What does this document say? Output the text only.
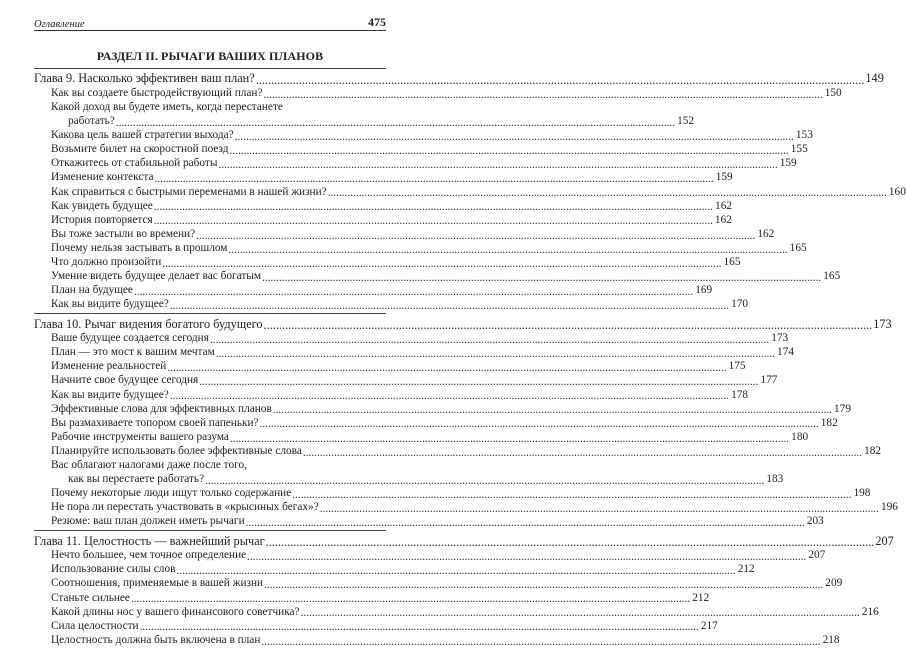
Оглавление	475
РАЗДЕЛ II. РЫЧАГИ ВАШИХ ПЛАНОВ
Глава 9. Насколько эффективен ваш план? .....	149
Как вы создаете быстродействующий план? .....	150
Какой доход вы будете иметь, когда перестанете
работать? .....	152
Какова цель вашей стратегии выхода? .....	153
Возьмите билет на скоростной поезд .....	155
Откажитесь от стабильной работы .....	159
Изменение контекста .....	159
Как справиться с быстрыми переменами в нашей жизни? .....	160
Как увидеть будущее .....	162
История повторяется .....	162
Вы тоже застыли во времени? .....	162
Почему нельзя застывать в прошлом .....	165
Что должно произойти .....	165
Умение видеть будущее делает вас богатым .....	165
План на будущее .....	169
Как вы видите будущее? .....	170
Глава 10. Рычаг видения богатого будущего .....	173
Ваше будущее создается сегодня .....	173
План — это мост к вашим мечтам .....	174
Изменение реальностей .....	175
Начните свое будущее сегодня .....	177
Как вы видите будущее? .....	178
Эффективные слова для эффективных планов .....	179
Вы размахиваете топором своей папеньки? .....	182
Рабочие инструменты вашего разума .....	180
Планируйте использовать более эффективные слова .....	182
Вас облагают налогами даже после того,
как вы перестаете работать? .....	183
Почему некоторые люди ищут только содержание .....	198
Не пора ли перестать участвовать в «крысиных бегах»? .....	196
Резюме: ваш план должен иметь рычаги .....	203
Глава 11. Целостность — важнейший рычаг .....	207
Нечто большее, чем точное определение .....	207
Использование силы слов .....	212
Соотношения, применяемые в вашей жизни .....	209
Станьте сильнее .....	212
Какой длины нос у вашего финансового советчика? .....	216
Сила целостности .....	217
Целостность должна быть включена в план .....	218
